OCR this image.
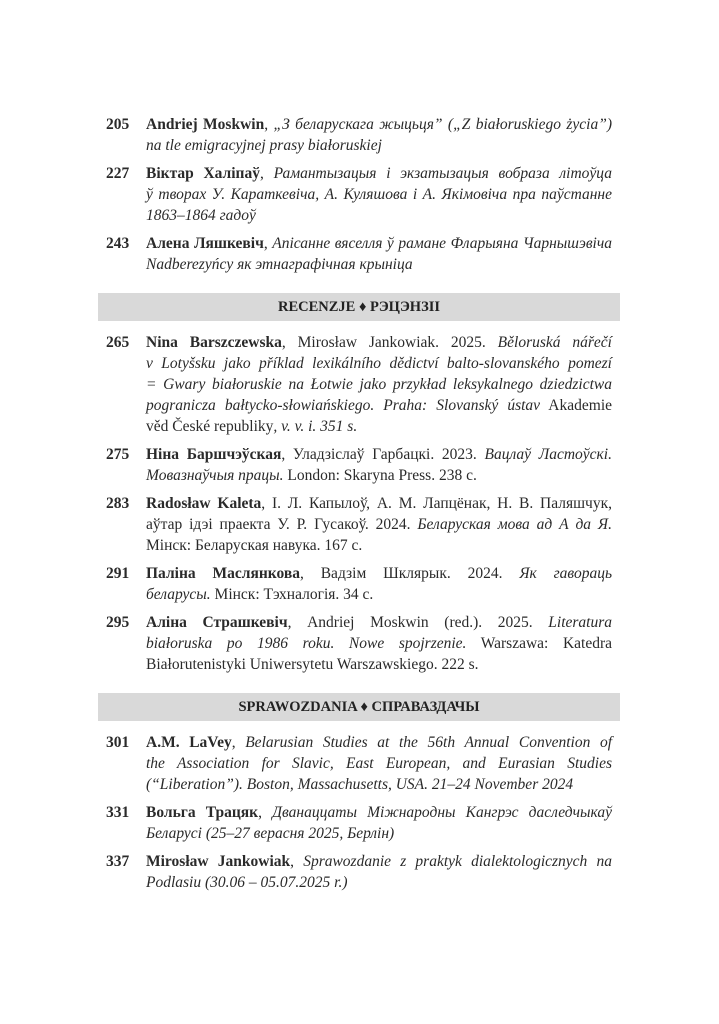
205 Andriej Moskwin, „З беларускага жыцьця” („Z białoruskiego życia”)
na tle emigracyjnej prasy białoruskiej
227 Віктар Халіпаў, Рамантызацыя і экзатызацыя вобраза літоўца
ў творах У. Караткевіча, А. Куляшова і А. Якімовіча пра паўстанне
1863–1864 гадоў
243 Алена Ляшкевіч, Апісанне вяселля ў рамане Фларыяна Чарнышэвіча
Nadberezyńcy як этнаграфічная крыніца
RECENZJE ♦ РЭЦЭНЗІІ
265 Nina Barszczewska, Mirosław Jankowiak. 2025. Běloruská nářečí
v Lotyšsku jako příklad lexikálního dědictví balto-slovanského pomezí
= Gwary białoruskie na Łotwie jako przykład leksykalnego dziedzictwa
pogranicza bałtycko-słowiańskiego. Praha: Slovanský ústav Akademie
věd České republiky, v. v. i. 351 s.
275 Ніна Баршчэўская, Уладзіслаў Гарбацкі. 2023. Вацлаў Ластоўскі.
Мовазнаўчыя працы. London: Skaryna Press. 238 с.
283 Radosław Kaleta, І. Л. Капылоў, А. М. Лапцёнак, Н. В. Паляшчук,
аўтар ідэі праекта У. Р. Гусакоў. 2024. Беларуская мова ад А да Я.
Мінск: Беларуская навука. 167 с.
291 Паліна Маслянкова, Вадзім Шклярык. 2024. Як гавораць
беларусы. Мінск: Тэхналогія. 34 с.
295 Аліна Страшкевіч, Andriej Moskwin (red.). 2025. Literatura
białoruska po 1986 roku. Nowe spojrzenie. Warszawa: Katedra
Białorutenistyki Uniwersytetu Warszawskiego. 222 s.
SPRAWOZDANIA ♦ СПРАВАЗДАЧЫ
301 A.M. LaVey, Belarusian Studies at the 56th Annual Convention of
the Association for Slavic, East European, and Eurasian Studies
(“Liberation”). Boston, Massachusetts, USA. 21–24 November 2024
331 Вольга Трацяк, Дванаццаты Міжнародны Кангрэс даследчыкаў
Беларусі (25–27 верасня 2025, Берлін)
337 Mirosław Jankowiak, Sprawozdanie z praktyk dialektologicznych na
Podlasiu (30.06 – 05.07.2025 r.)
